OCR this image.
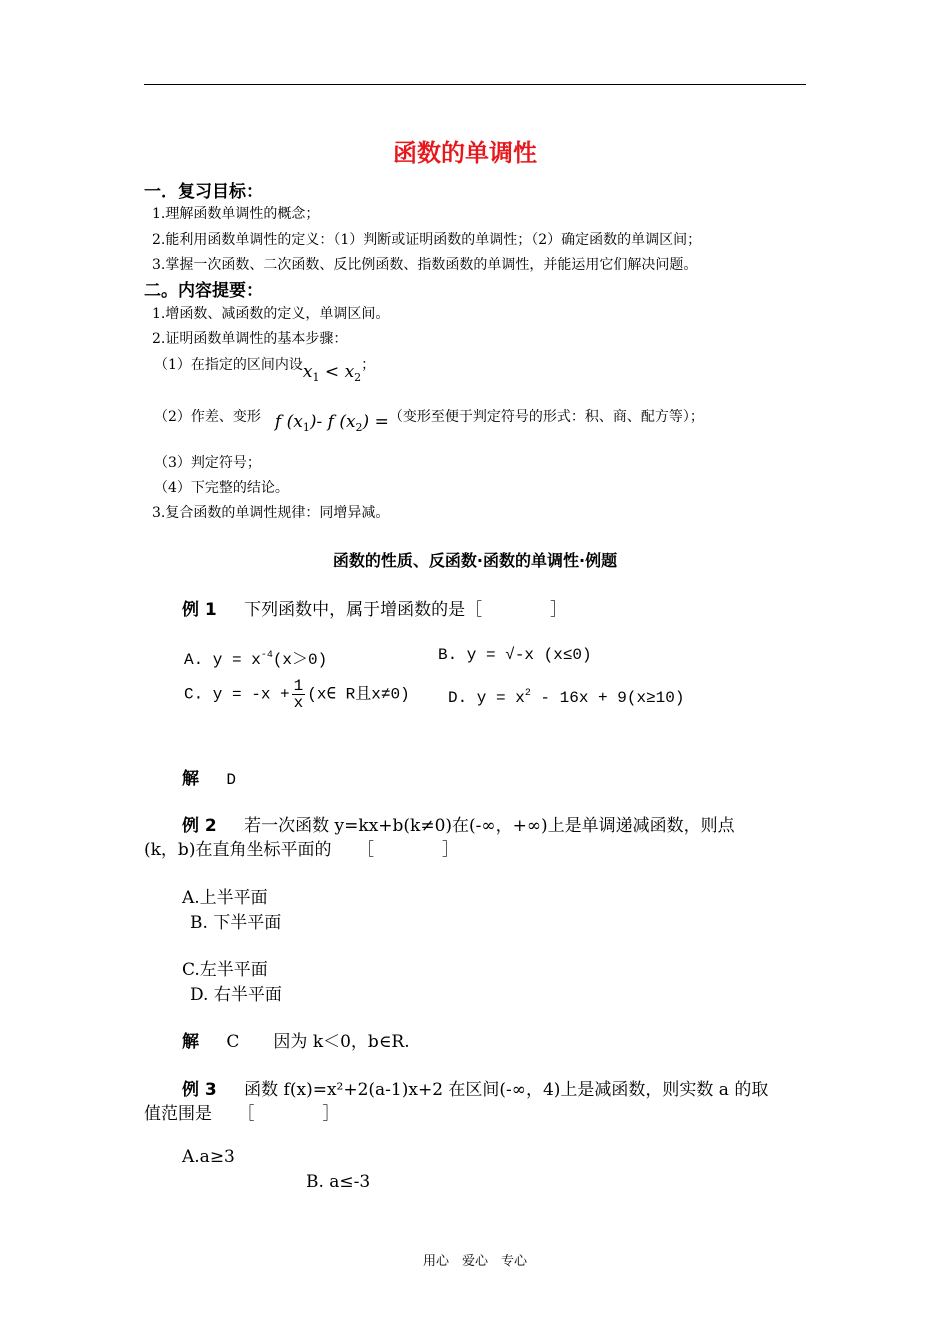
函数的单调性
一．复习目标：
1.理解函数单调性的概念；
2.能利用函数单调性的定义：（1）判断或证明函数的单调性；（2）确定函数的单调区间；
3.掌握一次函数、二次函数、反比例函数、指数函数的单调性，并能运用它们解决问题。
二。内容提要：
1.增函数、减函数的定义，单调区间。
2.证明函数单调性的基本步骤：
（1）在指定的区间内设$x_1 < x_2$；
（2）作差、变形 f $(x_1)-$ f $(x_2)$ =（变形至便于判定符号的形式：积、商、配方等）；
（3）判定符号；
（4）下完整的结论。
3.复合函数的单调性规律：同增异减。
函数的性质、反函数·函数的单调性·例题
例 1 下列函数中，属于增函数的是［　　　　］
A. $y = x^{-4}(x>0)$	B. y = √-x (x≤0)
C. $y = -x + \frac{1}{x}$ (x∈ R且x≠0) D. $y = x^2 - 16x + 9(x\ge 10)$
解 D
例 2 若一次函数 y=kx+b(k≠0)在(-∞，+∞)上是单调递减函数，则点
(k，b)在直角坐标平面的　　［　　　　］
A.上半平面
B. 下半平面
C.左半平面
D. 右半平面
解 C　　因为 k＜0，b∈R.
例 3 函数 f(x)=x²+2(a-1)x+2 在区间(-∞，4)上是减函数，则实数 a 的取
值范围是　　［　　　　］
A.a≥3
B. a≤-3
用心　爱心　专心
